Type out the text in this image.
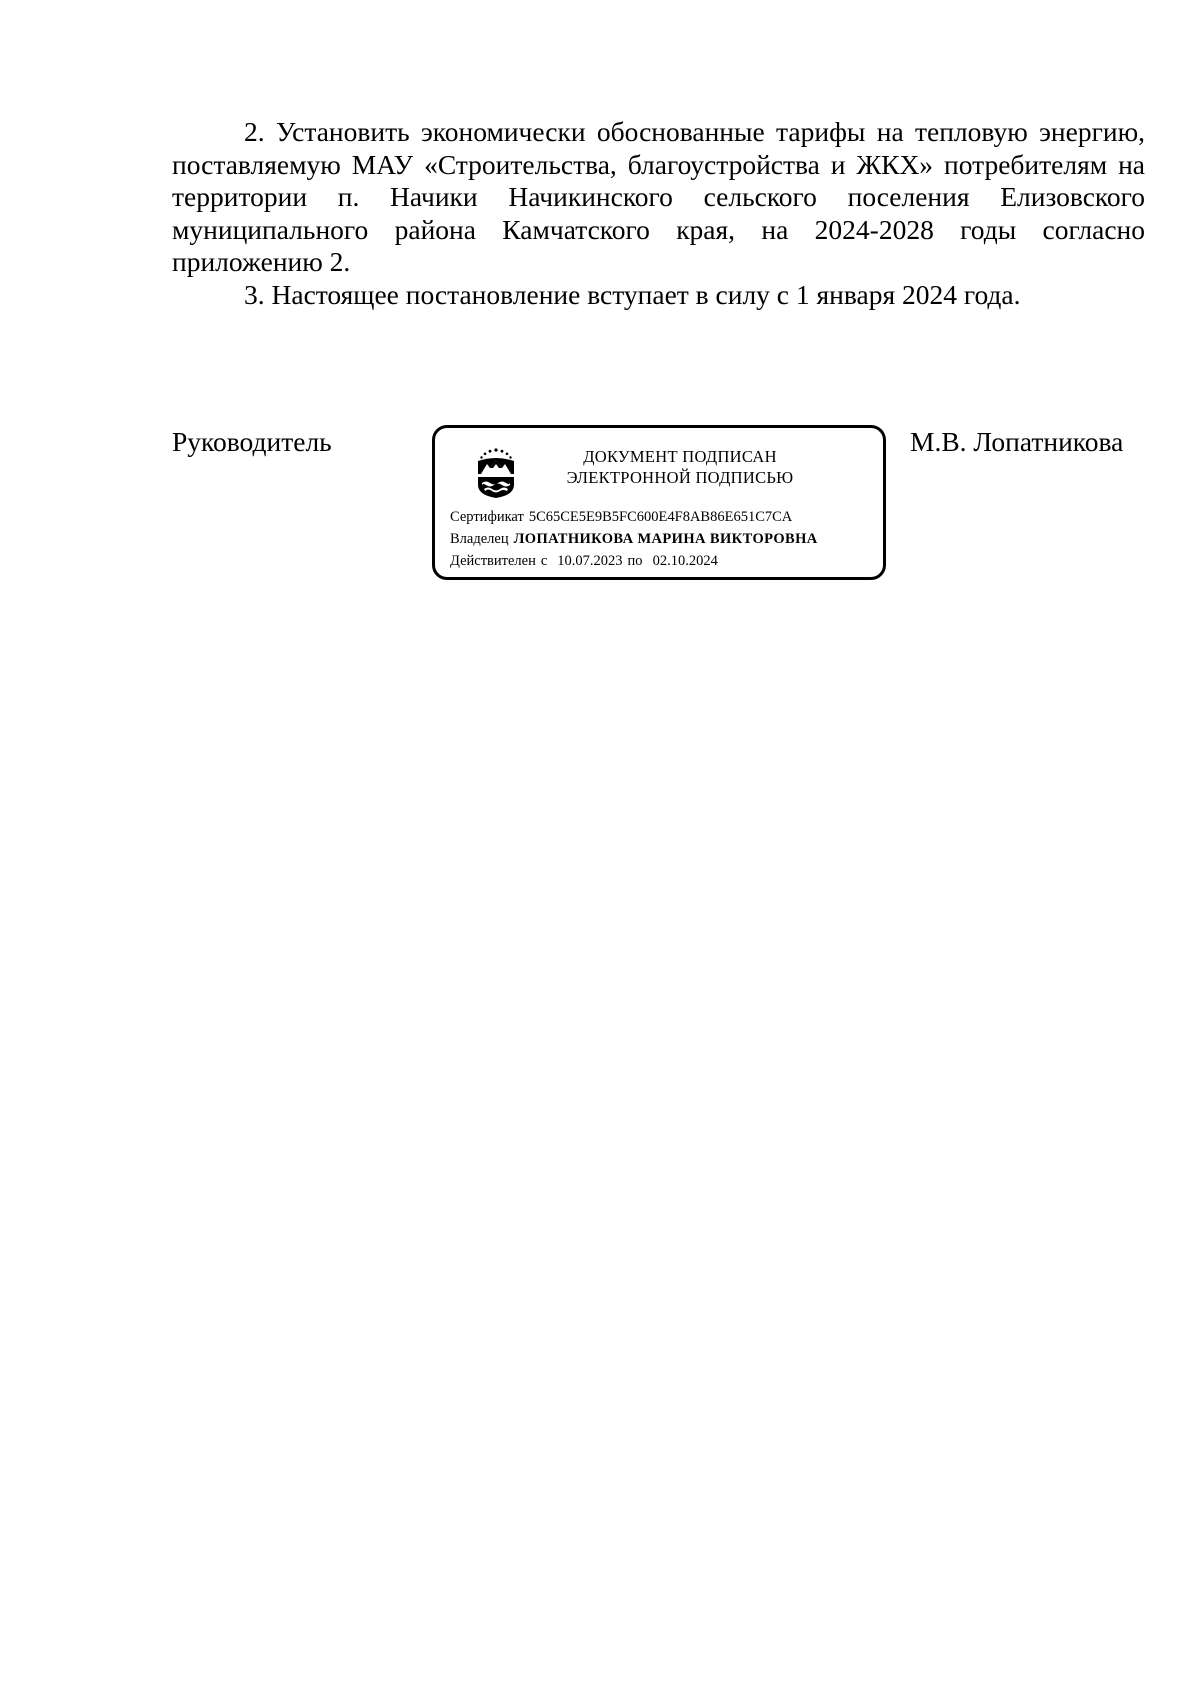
2. Установить экономически обоснованные тарифы на тепловую энергию, поставляемую МАУ «Строительства, благоустройства и ЖКХ» потребителям на территории п. Начики Начикинского сельского поселения Елизовского муниципального района Камчатского края, на 2024-2028 годы согласно приложению 2.

3. Настоящее постановление вступает в силу с 1 января 2024 года.

Руководитель	ДОКУМЕНТ ПОДПИСАН
ЭЛЕКТРОННОЙ ПОДПИСЬЮ
Сертификат 5C65CE5E9B5FC600E4F8AB86E651C7CA
Владелец ЛОПАТНИКОВА МАРИНА ВИКТОРОВНА
Действителен с 10.07.2023 по 02.10.2024
М.В. Лопатникова
